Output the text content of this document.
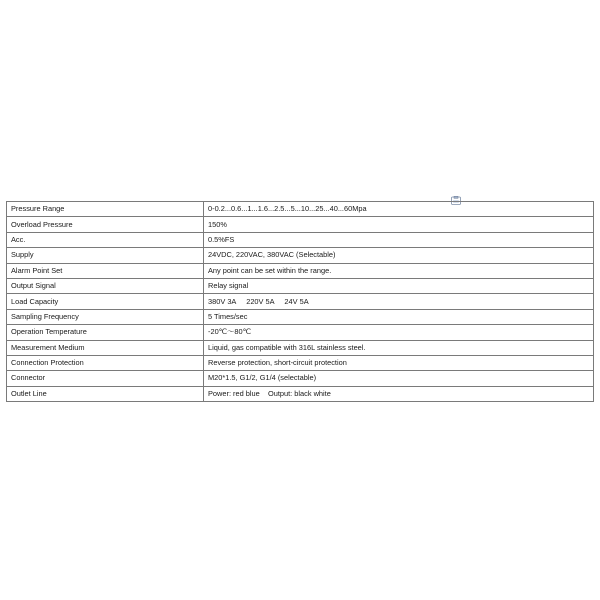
Pressure Range	0-0.2...0.6...1...1.6...2.5...5...10...25...40...60Mpa
Overload Pressure	150%
Acc.	0.5%FS
Supply	24VDC, 220VAC, 380VAC (Selectable)
Alarm Point Set	Any point can be set within the range.
Output Signal	Relay signal
Load Capacity	380V 3A     220V 5A     24V 5A
Sampling Frequency	5 Times/sec
Operation Temperature	-20℃～80℃
Measurement Medium	Liquid, gas compatible with 316L stainless steel.
Connection Protection	Reverse protection, short-circuit protection
Connector	M20*1.5, G1/2, G1/4 (selectable)
Outlet Line	Power: red blue    Output: black white
